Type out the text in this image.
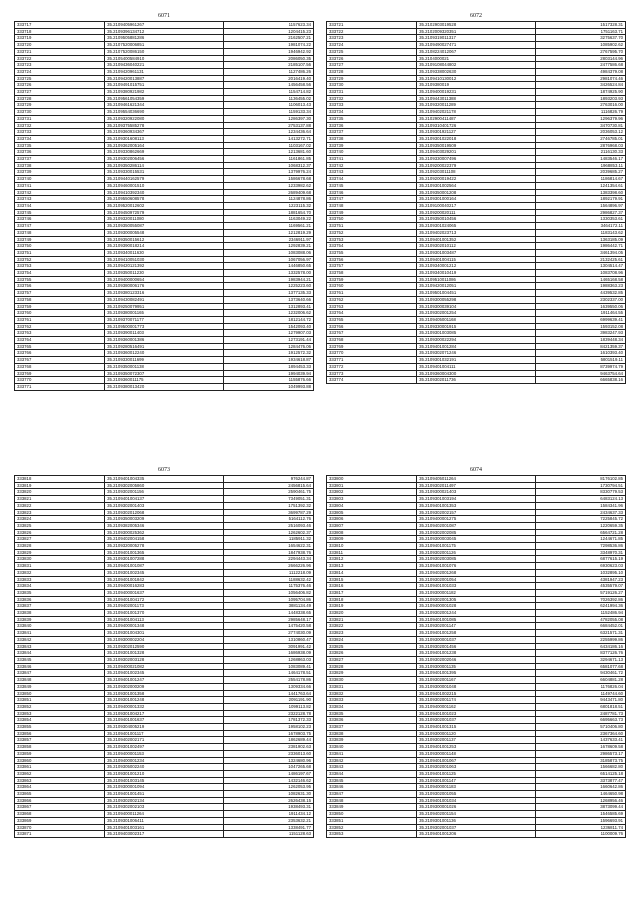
6071
333717	35.2109405961267	1157623.34
333718	35.2109396134712	1204415.23
333719	35.2109505881286	2162507.21
333720	35.2107520006851	1981074.22
333721	35.2107520086150	1946942.92
333722	35.2105400584910	2086050.35
333723	35.2109436040221	2185107.56
333724	35.2109420961131	1127486.26
333725	35.2109420013887	2016419.40
333726	35.2109491015751	1456458.56
333727	35.2109380921982	1154714.82
333728	35.2109561054359	1136455.02
333729	35.2109461621344	1106013.43
333730	35.2109554036690	1159133.34
333731	35.2109320922080	1286397.30
333732	35.2109375585278	2753137.88
333733	35.2109360934367	1234436.64
333734	35.2109301608113	1413272.71
333735	35.2109362005164	1103167.02
333736	35.2109330862669	1213681.60
333737	35.2109302006456	1161861.85
333738	35.2109350286114	1068312.37
333739	35.2109330015531	1379976.24
333740	35.2109440162579	1586678.68
333741	35.2109460001510	1233982.62
333742	35.2109410392340	2689409.68
333743	35.2109550608578	1124878.86
333744	35.2109520012602	1223115.32
333745	35.2109450972579	1881654.70
333746	35.2109320011080	1163049.22
333747	35.2109350055087	1169561.21
333748	35.2109300005548	1212819.29
333749	35.2109350015612	2346911.97
333750	35.2109390018214	1292839.21
333751	35.2109340011630	1083088.06
333752	35.2109410051030	1067056.97
333753	35.2109420121392	1446850.65
333754	35.2109350011230	1332578.00
333755	35.2109400000654	1983944.21
333756	35.2109380006176	1225223.60
333757	35.2109380123316	1377135.33
333758	35.2109430082491	1373640.66
333759	35.2109250079951	1312893.41
333760	35.2109380001165	1232006.62
333761	35.2109370071177	1812144.72
333762	35.2109500001773	1542093.40
333763	35.2109390011403	1279907.03
333764	35.2109360001386	1273191.44
333765	35.2109280516491	1284476.06
333766	35.2109360012240	1912572.32
333767	35.2109330011699	1934618.87
333768	35.2109350001138	1894453.33
333769	35.2109350072307	1994039.94
333770	35.2109360011175	1155876.66
333771	35.2109380013420	1049993.88
6072
333721	35.2102903019528	1517328.31
333722	35.2102009320351	1751163.71
333723	35.2109319011317	3275637.70
333724	35.2109490027471	1085902.62
333725	35.2108224012067	2767595.70
333726	35.2104000021	2803144.96
333727	35.2109108044802	2477586.68
333728	35.2109338002630	4984379.08
333729	35.2109410130012	2981074.46
333730	35.2109380019	3426524.84
333731	35.2109400019231	1874925.90
333732	35.2109443011388	1893203.93
333733	35.2109320011289	2763016.00
333734	35.2109402021178	1116826.79
333735	35.2102900411487	1296379.96
333736	35.2109310401726	3470730.81
333737	35.2109301921127	2036053.12
333738	35.2109301022018	2746785.01
333739	35.2109350019509	2876968.03
333740	35.2109403029201	2116130.33
333741	35.2109330007496	1483546.17
333742	35.2109200022379	1968853.11
333743	35.2109203011108	2039685.27
333744	35.2109200019422	1186814.67
333745	35.2109301002564	1241354.61
333746	35.2109350001208	1383398.60
333747	35.2109301000164	1892179.91
333748	35.2109100040217	1564896.97
333749	35.2109200020111	2986827.37
333750	35.2109350010456	1330353.61
333751	35.2109301024065	3464172.11
333752	35.2109402023713	1183143.62
333753	35.2109401001352	1363185.09
333754	35.2109302010112	1986442.71
333755	35.2109301003487	3461394.05
333756	35.2109401004115	2132425.61
333757	35.2109340001212	1304514.47
333758	35.2109340010419	1083708.96
333759	35.2109510011086	1465168.58
333760	35.2109420012051	1988363.23
333761	35.2109501004451	4439532.85
333762	35.2109300055298	2302337.00
333763	35.2109300039104	1639550.06
333764	35.2109302001254	1911464.55
333765	35.2109405001168	6999639.41
333766	35.2109330001915	1593152.08
333767	35.2109301003085	3983247.93
333768	35.2109300022294	1839448.34
333769	35.2109401001284	8421359.37
333770	35.2109302071246	1610393.40
333771	35.2109301032191	5801519.11
333772	35.2109401004111	8739974.79
333773	35.2109360004300	9463754.64
333774	35.2109302011736	6665838.16
6073
333818	35.2109401004335	976244.87
333819	35.2109302005860	2456815.64
333820	35.2109302001156	2590461.75
333821	35.2109401004137	7349051.31
333822	35.2109302001403	1751392.32
333823	35.2109302012068	3699787.29
333824	35.2109350003209	5164112.76
333825	35.2109382005346	2516093.46
333826	35.2109300025362	1262602.37
333827	35.2109402004158	1185911.32
333828	35.2109320005278	1654622.31
333829	35.2109401001365	1847938.76
333830	35.2109301007288	2294443.34
333831	35.2109401001087	2666226.96
333832	35.2109301002345	1112218.09
333833	35.2109401001842	1188632.42
333834	35.2109400016283	1175376.46
333835	35.2109400001637	1056406.82
333836	35.2109401004172	1095704.86
333837	35.2109402001173	3881134.49
333838	35.2109401001370	1448338.65
333839	35.2109401004113	2985648.17
333840	35.2109400001348	1475420.58
333841	35.2109301004301	2774030.09
333842	35.2109300002204	1310860.47
333843	35.2109302012590	3091991.42
333844	35.2109301001328	1686938.09
333845	35.2109302003128	1268863.03
333846	35.2109400021082	1083089.41
333847	35.2109401002345	1464178.51
333848	35.2109401001247	2554178.86
333849	35.2109302000209	1309334.66
333850	35.2109301001358	1441763.64
333851	35.2109301001248	2091191.90
333852	35.2109400001332	1099113.82
333853	35.2109301004217	2322128.78
333854	35.2109401001637	1781372.33
333855	35.2109304005219	1958102.23
333856	35.2109401001117	1678903.75
333857	35.2109402002171	1862689.44
333858	35.2109301002497	2381902.63
333859	35.2109400001153	2336013.60
333860	35.2109400001234	1324680.96
333861	35.2109305002240	1047265.68
333862	35.2109301001210	1486197.67
333863	35.2109401003145	1432146.62
333864	35.2109300001094	1262053.95
333865	35.2109401001451	1082631.30
333866	35.2109302002134	2626438.15
333867	35.2109302002103	1938493.31
333868	35.2109400011264	1911434.12
333869	35.2109301006411	2353632.21
333870	35.2109401003161	1338491.77
333871	35.2109403002317	1151128.63
6074
333800	35.2109405011264	8176102.85
333801	35.2109302011497	1730794.51
333802	35.2109300021403	8330779.53
333803	35.2109301003194	6483124.13
333804	35.2109401001353	1584341.96
333805	35.2109302002157	2434637.33
333806	35.2109400001275	7225845.72
333807	35.2109402001087	1220659.35
333808	35.2109302002085	6564721.28
333809	35.2109300003045	1244671.85
333810	35.2109401001175	7298536.86
333811	35.2109302001126	3348970.31
333812	35.2109302003085	6877615.19
333813	35.2109401001076	6930623.03
333814	35.2109402001268	1032895.10
333815	35.2109302001054	4381947.23
333816	35.2109401001033	4535579.07
333817	35.2109300001182	5719126.27
333818	35.2109302001305	7026392.86
333819	35.2109400001028	6241994.36
333820	35.2109302001244	1152486.94
333821	35.2109401001085	4782055.08
333822	35.2109302001147	6684452.01
333823	35.2109401001258	6321571.31
333824	35.2109300001037	2255999.86
333825	35.2109302001456	6434186.16
333826	35.2109401001238	8377126.76
333827	35.2109302002046	3294671.13
333828	35.2109300001135	6581077.68
333829	35.2109401001395	9430461.72
333830	35.2109302001167	6604881.28
333831	35.2109300001048	1176826.04
333832	35.2109401002215	1149744.60
333833	35.2109302001174	9443471.80
333834	35.2109400001162	6801818.51
333835	35.2109401001023	2487781.73
333836	35.2109302001037	6695663.73
333837	35.2109401001315	5710406.80
333838	35.2109300001120	2367364.60
333839	35.2109302001137	1437633.41
333840	35.2109401001253	1678609.58
333841	35.2109300001148	2986573.17
333842	35.2109401001067	3185873.75
333843	35.2109302001063	1566682.80
333844	35.2109401001125	6514125.18
333845	35.2109301001147	3373877.47
333846	35.2109400001183	1660642.86
333847	35.2109302001055	1464650.98
333848	35.2109401001034	1268956.46
333849	35.2109300001026	3873099.44
333850	35.2109402001154	1546585.69
333851	35.2109301001136	1596693.91
333852	35.2109302001037	1236811.74
333853	35.2109401001206	1100009.76
